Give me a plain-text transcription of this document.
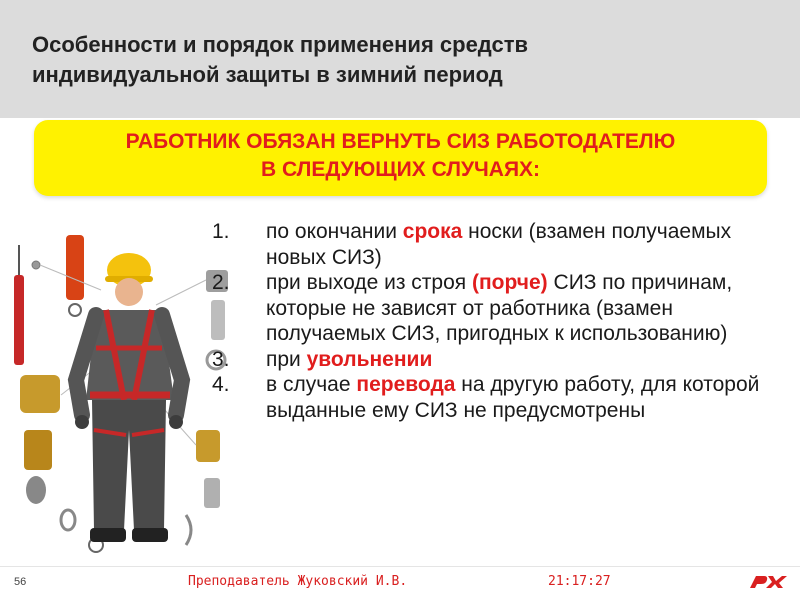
Особенности и порядок применения средств
индивидуальной защиты в зимний период
РАБОТНИК ОБЯЗАН ВЕРНУТЬ СИЗ РАБОТОДАТЕЛЮ
В СЛЕДУЮЩИХ СЛУЧАЯХ:
1. по окончании срока носки (взамен получаемых новых СИЗ)
2. при выходе из строя (порче) СИЗ по причинам, которые не зависят от работника (взамен получаемых СИЗ, пригодных к использованию)
3. при увольнении
4. в случае перевода на другую работу, для которой выданные ему СИЗ не предусмотрены
56	Преподаватель Жуковский И.В.	21:17:27
